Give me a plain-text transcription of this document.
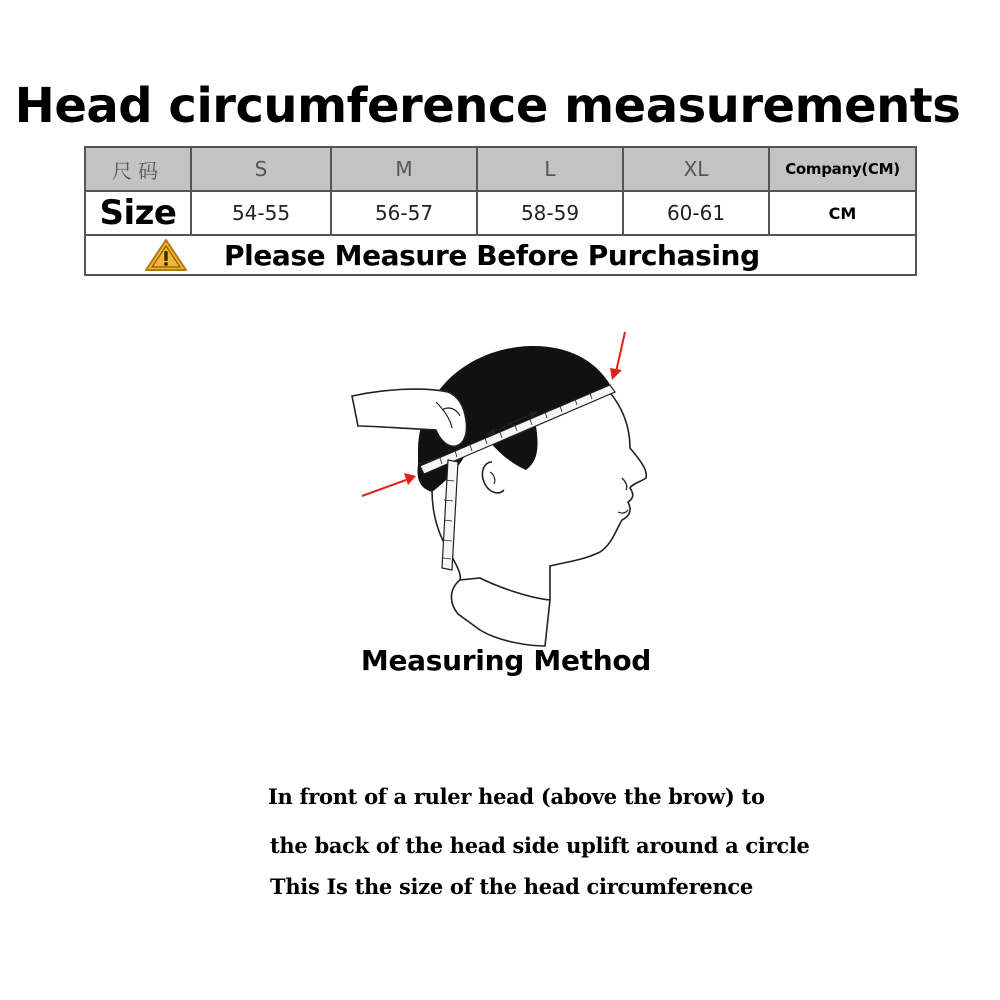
Head circumference measurements
尺码	S	M	L	XL	Company(CM)
Size	54-55	56-57	58-59	60-61	CM

Please Measure Before Purchasing					
Measuring Method
In front of a ruler head (above the brow) to
the back of the head side uplift around a circle
This Is the size of the head circumference
